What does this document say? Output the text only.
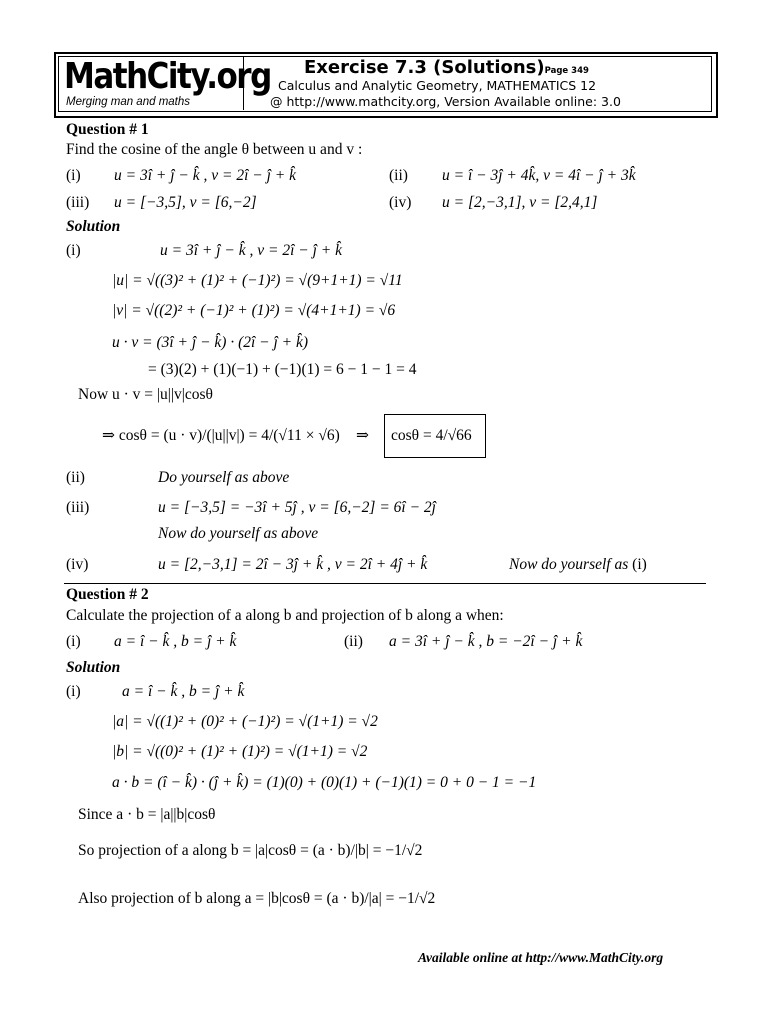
MathCity.org
Merging man and maths
Exercise 7.3 (Solutions)Page 349
Calculus and Analytic Geometry, MATHEMATICS 12
@ http://www.mathcity.org, Version Available online: 3.0
Question # 1
Find the cosine of the angle θ between u and v :
(i) u = 3î + ĵ − k̂ , v = 2î − ĵ + k̂	(ii) u = î − 3ĵ + 4k̂, v = 4î − ĵ + 3k̂
(iii) u = [−3,5], v = [6,−2]	(iv) u = [2,−3,1], v = [2,4,1]
Solution
(i)	u = 3î + ĵ − k̂ , v = 2î − ĵ + k̂
|u| = √((3)² + (1)² + (−1)²) = √(9+1+1) = √11
|v| = √((2)² + (−1)² + (1)²) = √(4+1+1) = √6
u · v = (3î + ĵ − k̂) · (2î − ĵ + k̂)
= (3)(2) + (1)(−1) + (−1)(1) = 6 − 1 − 1 = 4
Now u · v = |u||v|cosθ
⇒ cosθ = (u · v)/(|u||v|) = 4/(√11 × √6) ⇒ cosθ = 4/√66
(ii)	Do yourself as above
(iii)	u = [−3,5] = −3î + 5ĵ , v = [6,−2] = 6î − 2ĵ
Now do yourself as above
(iv)	u = [2,−3,1] = 2î − 3ĵ + k̂ , v = 2î + 4ĵ + k̂	Now do yourself as (i)
Question # 2
Calculate the projection of a along b and projection of b along a when:
(i) a = î − k̂ , b = ĵ + k̂	(ii) a = 3î + ĵ − k̂ , b = −2î − ĵ + k̂
Solution
(i)	a = î − k̂ , b = ĵ + k̂
|a| = √((1)² + (0)² + (−1)²) = √(1+1) = √2
|b| = √((0)² + (1)² + (1)²) = √(1+1) = √2
a · b = (î − k̂) · (ĵ + k̂) = (1)(0) + (0)(1) + (−1)(1) = 0 + 0 − 1 = −1
Since a · b = |a||b|cosθ
So projection of a along b = |a|cosθ = (a · b)/|b| = −1/√2
Also projection of b along a = |b|cosθ = (a · b)/|a| = −1/√2
Available online at http://www.MathCity.org
